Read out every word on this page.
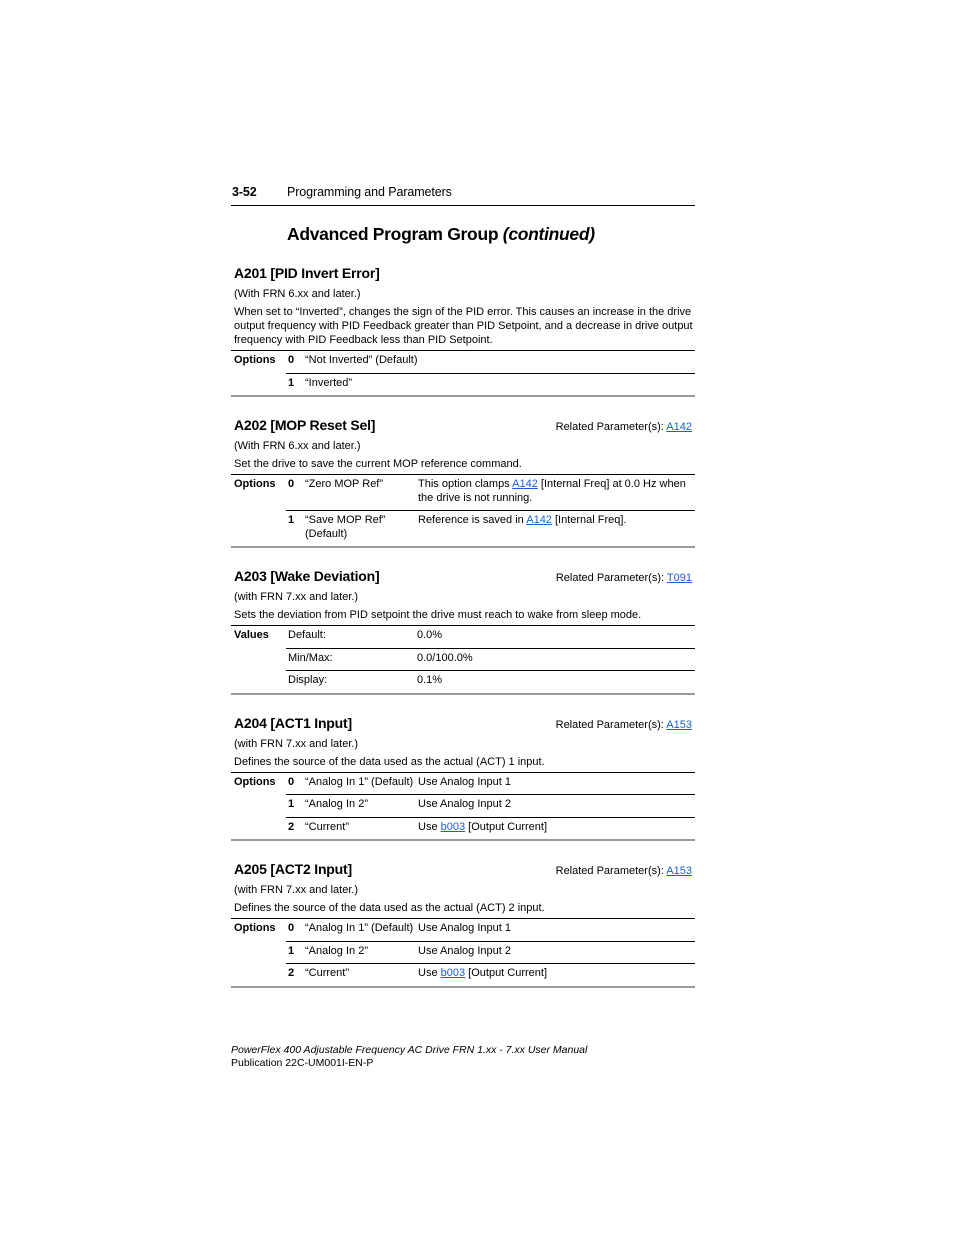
3-52	Programming and Parameters
Advanced Program Group (continued)
A201 [PID Invert Error]
(With FRN 6.xx and later.)
When set to “Inverted”, changes the sign of the PID error. This causes an increase in the drive output frequency with PID Feedback greater than PID Setpoint, and a decrease in drive output frequency with PID Feedback less than PID Setpoint.
Options	0	“Not Inverted” (Default)
	1	“Inverted”
A202 [MOP Reset Sel]	Related Parameter(s): A142
(With FRN 6.xx and later.)
Set the drive to save the current MOP reference command.
Options	0	“Zero MOP Ref”	This option clamps A142 [Internal Freq] at 0.0 Hz when the drive is not running.
	1	“Save MOP Ref” (Default)	Reference is saved in A142 [Internal Freq].
A203 [Wake Deviation]	Related Parameter(s): T091
(with FRN 7.xx and later.)
Sets the deviation from PID setpoint the drive must reach to wake from sleep mode.
Values	Default:	0.0%
	Min/Max:	0.0/100.0%
	Display:	0.1%
A204 [ACT1 Input]	Related Parameter(s): A153
(with FRN 7.xx and later.)
Defines the source of the data used as the actual (ACT) 1 input.
Options	0	“Analog In 1” (Default)	Use Analog Input 1
	1	“Analog In 2”	Use Analog Input 2
	2	“Current”	Use b003 [Output Current]
A205 [ACT2 Input]	Related Parameter(s): A153
(with FRN 7.xx and later.)
Defines the source of the data used as the actual (ACT) 2 input.
Options	0	“Analog In 1” (Default)	Use Analog Input 1
	1	“Analog In 2”	Use Analog Input 2
	2	“Current”	Use b003 [Output Current]
PowerFlex 400 Adjustable Frequency AC Drive FRN 1.xx - 7.xx User Manual
Publication 22C-UM001I-EN-P
